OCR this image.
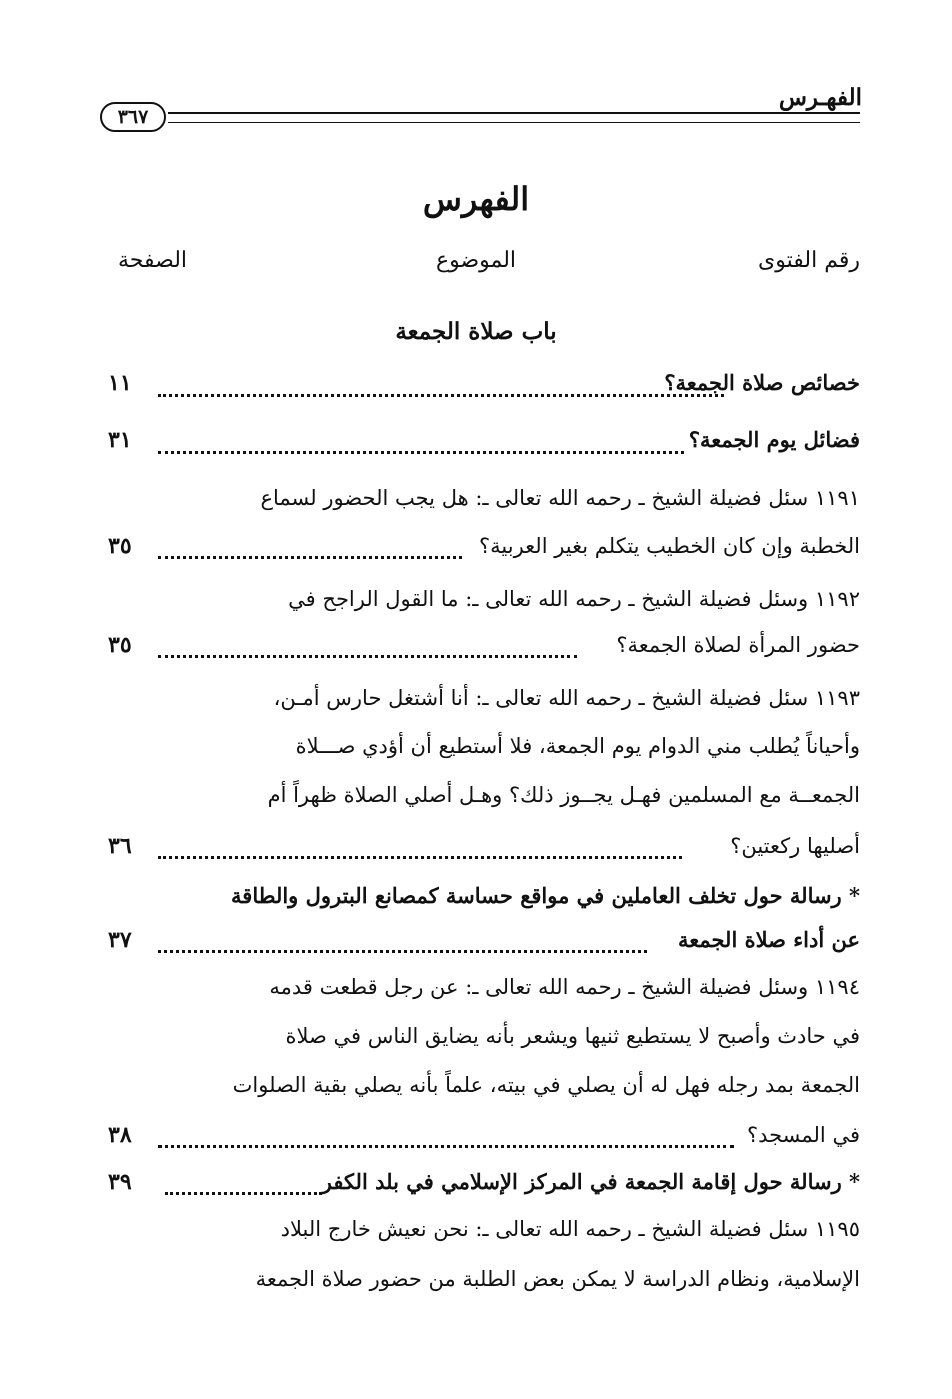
الفهـرس
٣٦٧
الفهرس
رقم الفتوى
الموضوع
الصفحة
باب صلاة الجمعة
خصائص صلاة الجمعة؟
١١
فضائل يوم الجمعة؟
٣١
١١٩١ سئل فضيلة الشيخ ـ رحمه الله تعالى ـ: هل يجب الحضور لسماع
الخطبة وإن كان الخطيب يتكلم بغير العربية؟
٣٥
١١٩٢ وسئل فضيلة الشيخ ـ رحمه الله تعالى ـ: ما القول الراجح في
حضور المرأة لصلاة الجمعة؟
٣٥
١١٩٣ سئل فضيلة الشيخ ـ رحمه الله تعالى ـ: أنا أشتغل حارس أمـن،
وأحياناً يُطلب مني الدوام يوم الجمعة، فلا أستطيع أن أؤدي صـــلاة
الجمعــة مع المسلمين فهـل يجــوز ذلك؟ وهـل أصلي الصلاة ظهراً أم
أصليها ركعتين؟
٣٦
* رسالة حول تخلف العاملين في مواقع حساسة كمصانع البترول والطاقة
عن أداء صلاة الجمعة
٣٧
١١٩٤ وسئل فضيلة الشيخ ـ رحمه الله تعالى ـ: عن رجل قطعت قدمه
في حادث وأصبح لا يستطيع ثنيها ويشعر بأنه يضايق الناس في صلاة
الجمعة بمد رجله فهل له أن يصلي في بيته، علماً بأنه يصلي بقية الصلوات
في المسجد؟
٣٨
* رسالة حول إقامة الجمعة في المركز الإسلامي في بلد الكفر
٣٩
١١٩٥ سئل فضيلة الشيخ ـ رحمه الله تعالى ـ: نحن نعيش خارج البلاد
الإسلامية، ونظام الدراسة لا يمكن بعض الطلبة من حضور صلاة الجمعة
